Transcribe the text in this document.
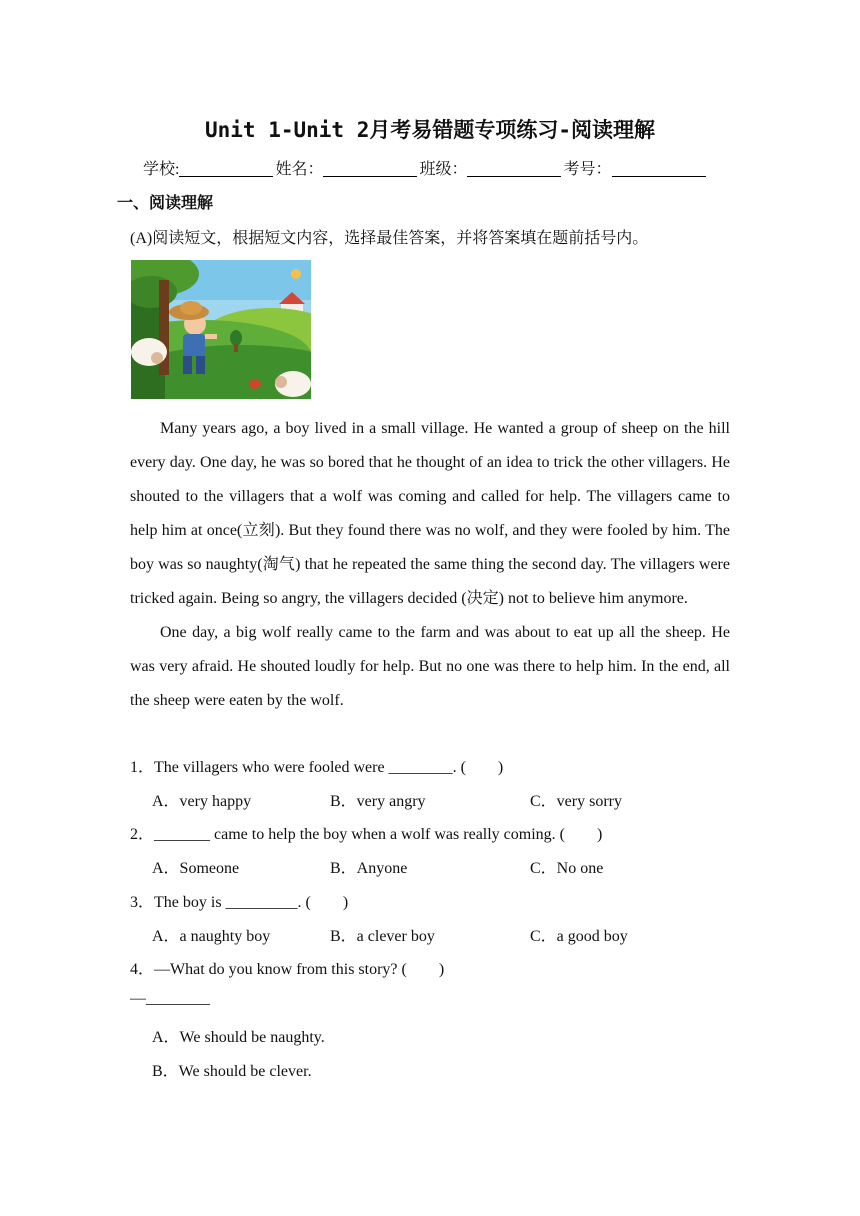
Unit 1-Unit 2月考易错题专项练习-阅读理解
学校:	姓名：	班级：	考号：
一、阅读理解
(A)阅读短文，根据短文内容，选择最佳答案，并将答案填在题前括号内。

Many years ago, a boy lived in a small village. He wanted a group of sheep on the hill every day. One day, he was so bored that he thought of an idea to trick the other villagers. He shouted to the villagers that a wolf was coming and called for help. The villagers came to help him at once(立刻). But they found there was no wolf, and they were fooled by him. The boy was so naughty(淘气) that he repeated the same thing the second day. The villagers were tricked again. Being so angry, the villagers decided (决定) not to believe him anymore.

One day, a big wolf really came to the farm and was about to eat up all the sheep. He was very afraid. He shouted loudly for help. But no one was there to help him. In the end, all the sheep were eaten by the wolf.

1．The villagers who were fooled were ________. (　　)
A．very happy	B．very angry	C．very sorry
2．_______ came to help the boy when a wolf was really coming. (　　)
A．Someone	B．Anyone	C．No one
3．The boy is _________. (　　)
A．a naughty boy	B．a clever boy	C．a good boy
4．—What do you know from this story? (　　)
—________
A．We should be naughty.
B．We should be clever.
